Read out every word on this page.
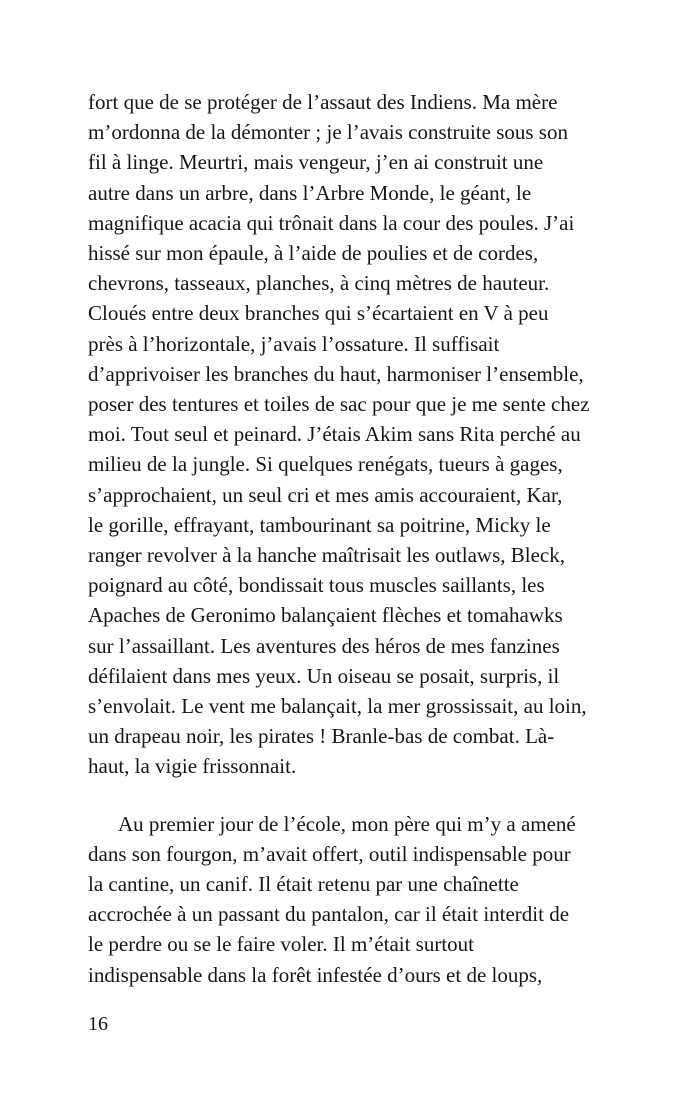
fort que de se protéger de l’assaut des Indiens. Ma mère
m’ordonna de la démonter ; je l’avais construite sous son
fil à linge. Meurtri, mais vengeur, j’en ai construit une
autre dans un arbre, dans l’Arbre Monde, le géant, le
magnifique acacia qui trônait dans la cour des poules. J’ai
hissé sur mon épaule, à l’aide de poulies et de cordes,
chevrons, tasseaux, planches, à cinq mètres de hauteur.
Cloués entre deux branches qui s’écartaient en V à peu
près à l’horizontale, j’avais l’ossature. Il suffisait
d’apprivoiser les branches du haut, harmoniser l’ensemble,
poser des tentures et toiles de sac pour que je me sente chez
moi. Tout seul et peinard. J’étais Akim sans Rita perché au
milieu de la jungle. Si quelques renégats, tueurs à gages,
s’approchaient, un seul cri et mes amis accouraient, Kar,
le gorille, effrayant, tambourinant sa poitrine, Micky le
ranger revolver à la hanche maîtrisait les outlaws, Bleck,
poignard au côté, bondissait tous muscles saillants, les
Apaches de Geronimo balançaient flèches et tomahawks
sur l’assaillant. Les aventures des héros de mes fanzines
défilaient dans mes yeux. Un oiseau se posait, surpris, il
s’envolait. Le vent me balançait, la mer grossissait, au loin,
un drapeau noir, les pirates ! Branle-bas de combat. Là-
haut, la vigie frissonnait.
Au premier jour de l’école, mon père qui m’y a amené
dans son fourgon, m’avait offert, outil indispensable pour
la cantine, un canif. Il était retenu par une chaînette
accrochée à un passant du pantalon, car il était interdit de
le perdre ou se le faire voler. Il m’était surtout
indispensable dans la forêt infestée d’ours et de loups,
16
